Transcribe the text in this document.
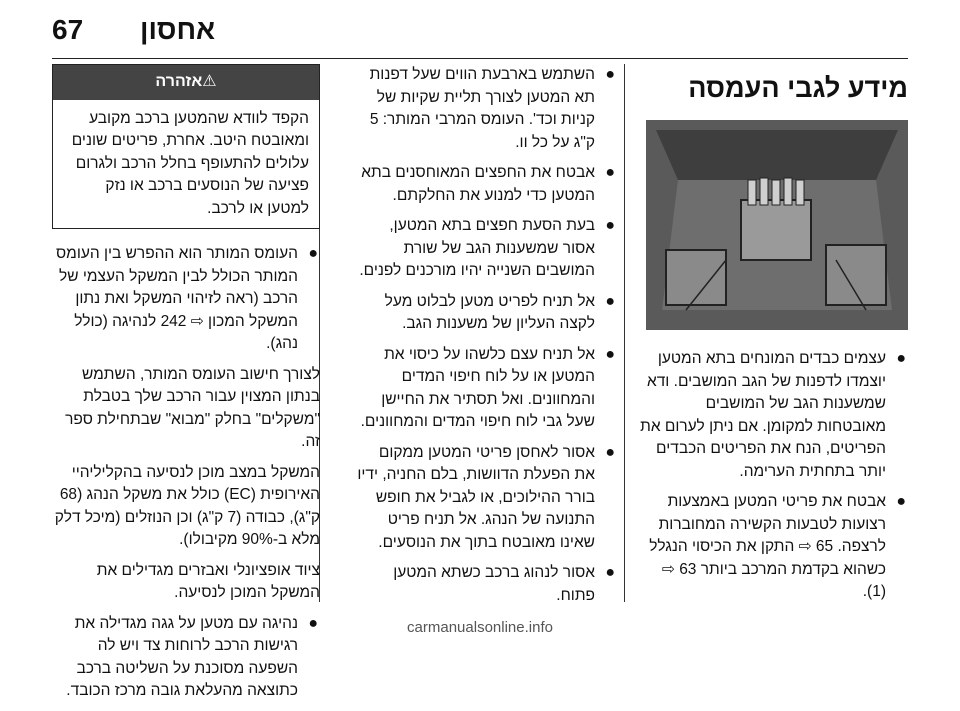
67 אחסון
מידע לגבי העמסה
●
עצמים כבדים המונחים בתא המטען יוצמדו לדפנות של הגב המושבים. ודא שמשענות הגב של המושבים מאובטחות למקומן. אם ניתן לערום את הפריטים, הנח את הפריטים הכבדים יותר בתחתית הערימה.
●
אבטח את פריטי המטען באמצעות רצועות לטבעות הקשירה המחוברות לרצפה. 65 ⇨ התקן את הכיסוי הנגלל כשהוא בקדמת המרכב ביותר 63 ⇨ (1).
●
השתמש בארבעת הווים שעל דפנות תא המטען לצורך תליית שקיות של קניות וכד'. העומס המרבי המותר: 5 ק"ג על כל וו.
●
אבטח את החפצים המאוחסנים בתא המטען כדי למנוע את החלקתם.
●
בעת הסעת חפצים בתא המטען, אסור שמשענות הגב של שורת המושבים השנייה יהיו מורכנים לפנים.
●
אל תניח לפריט מטען לבלוט מעל לקצה העליון של משענות הגב.
●
אל תניח עצם כלשהו על כיסוי את המטען או על לוח חיפוי המדים והמחוונים. ואל תסתיר את החיישן שעל גבי לוח חיפוי המדים והמחוונים.
●
אסור לאחסן פריטי המטען ממקום את הפעלת הדוושות, בלם החניה, ידיו בורר ההילוכים, או לגביל את חופש התנועה של הנהג. אל תניח פריט שאינו מאובטח בתוך את הנוסעים.
●
אסור לנהוג ברכב כשתא המטען פתוח.
⚠אזהרה
הקפד לוודא שהמטען ברכב מקובע ומאובטח היטב. אחרת, פריטים שונים עלולים להתעופף בחלל הרכב ולגרום פציעה של הנוסעים ברכב או נזק למטען או לרכב.
●
העומס המותר הוא ההפרש בין העומס המותר הכולל לבין המשקל העצמי של הרכב (ראה לזיהוי המשקל ואת נתון המשקל המכון ⇨ 242 לנהיגה (כולל נהג).

לצורך חישוב העומס המותר, השתמש בנתון המצוין עבור הרכב שלך בטבלת "משקלים" בחלק "מבוא" שבתחילת ספר זה.

המשקל במצב מוכן לנסיעה בהקליליהיי האירופית (EC) כולל את משקל הנהג (68 ק"ג), כבודה (7 ק"ג) וכן הנוזלים (מיכל דלק מלא ב-90% מקיבולו).

ציוד אופציונלי ואבזרים מגדילים את המשקל המוכן לנסיעה.

●
נהיגה עם מטען על גגה מגדילה את רגישות הרכב לרוחות צד ויש לה השפעה מסוכנת על השליטה ברכב כתוצאה מהעלאת גובה מרכז הכובד.
carmanualsonline.info
